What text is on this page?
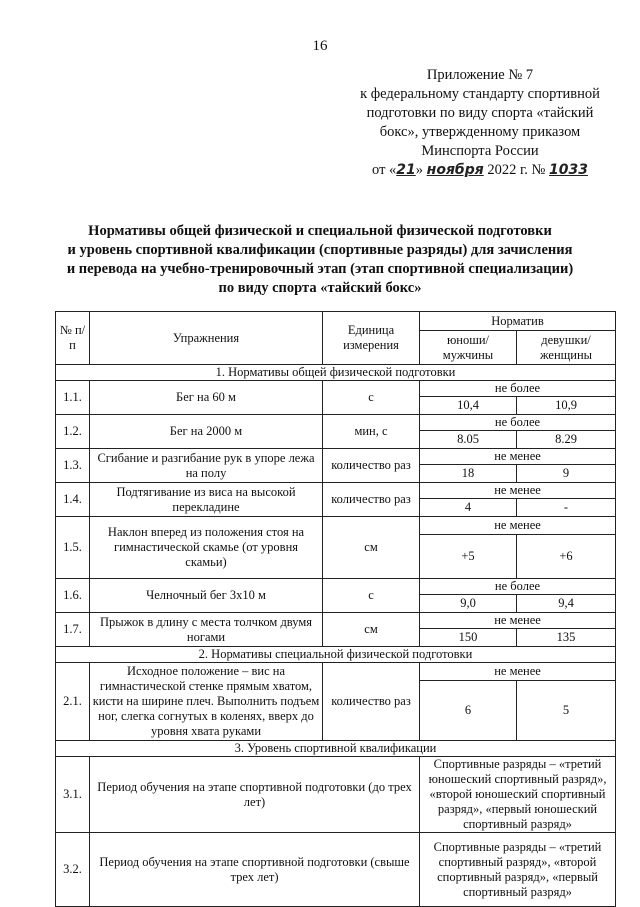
16
Приложение № 7
к федеральному стандарту спортивной
подготовки по виду спорта «тайский
бокс», утвержденному приказом
Минспорта России
от «21» ноября 2022 г. № 1033
Нормативы общей физической и специальной физической подготовки
и уровень спортивной квалификации (спортивные разряды) для зачисления
и перевода на учебно-тренировочный этап (этап спортивной специализации)
по виду спорта «тайский бокс»
№ п/п	Упражнения	Единица измерения	Норматив	
			юноши/ мужчины	девушки/ женщины
1. Нормативы общей физической подготовки				
1.1.	Бег на 60 м	с	не более	
			10,4	10,9
1.2.	Бег на 2000 м	мин, с	не более	
			8.05	8.29
1.3.	Сгибание и разгибание рук в упоре лежа на полу	количество раз	не менее	
			18	9
1.4.	Подтягивание из виса на высокой перекладине	количество раз	не менее	
			4	-
1.5.	Наклон вперед из положения стоя на гимнастической скамье (от уровня скамьи)	см	не менее	
			+5	+6
1.6.	Челночный бег 3х10 м	с	не более	
			9,0	9,4
1.7.	Прыжок в длину с места толчком двумя ногами	см	не менее	
			150	135
2. Нормативы специальной физической подготовки				
2.1.	Исходное положение – вис на гимнастической стенке прямым хватом, кисти на ширине плеч. Выполнить подъем ног, слегка согнутых в коленях, вверх до уровня хвата руками	количество раз	не менее	
			6	5
3. Уровень спортивной квалификации				
3.1.	Период обучения на этапе спортивной подготовки (до трех лет)		Спортивные разряды – «третий юношеский спортивный разряд», «второй юношеский спортивный разряд», «первый юношеский спортивный разряд»	
3.2.	Период обучения на этапе спортивной подготовки (свыше трех лет)		Спортивные разряды – «третий спортивный разряд», «второй спортивный разряд», «первый спортивный разряд»	
